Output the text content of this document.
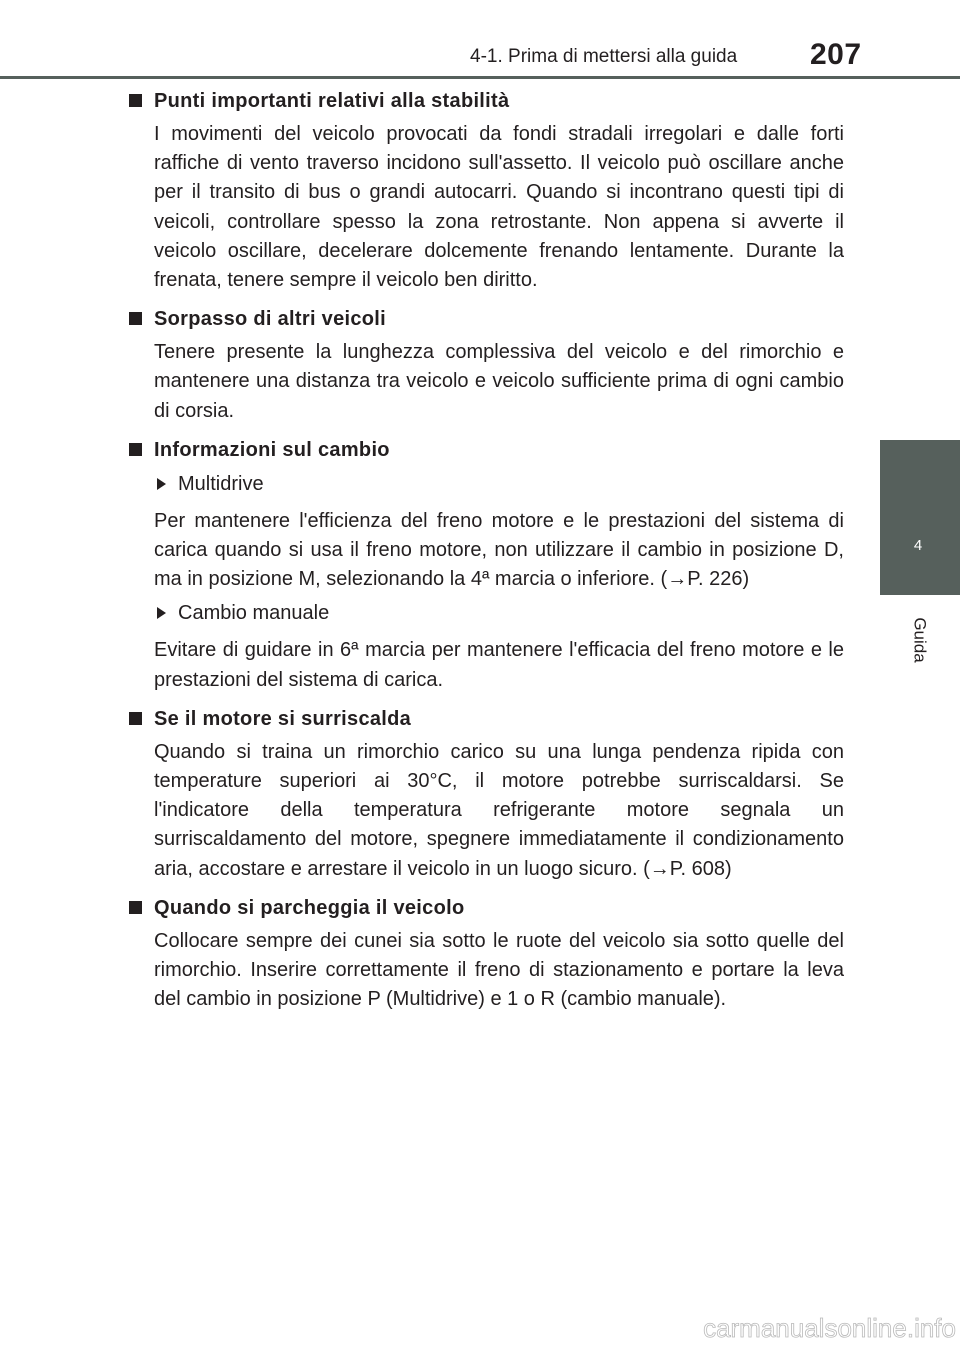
4-1. Prima di mettersi alla guida	207
4
Guida
Punti importanti relativi alla stabilità
I movimenti del veicolo provocati da fondi stradali irregolari e dalle forti raffiche di vento traverso incidono sull'assetto. Il veicolo può oscillare anche per il transito di bus o grandi autocarri. Quando si incontrano questi tipi di veicoli, controllare spesso la zona retrostante. Non appena si avverte il veicolo oscillare, decelerare dolcemente frenando lentamente. Durante la frenata, tenere sempre il veicolo ben diritto.
Sorpasso di altri veicoli
Tenere presente la lunghezza complessiva del veicolo e del rimorchio e mantenere una distanza tra veicolo e veicolo sufficiente prima di ogni cambio di corsia.
Informazioni sul cambio
Multidrive
Per mantenere l'efficienza del freno motore e le prestazioni del sistema di carica quando si usa il freno motore, non utilizzare il cambio in posizione D, ma in posizione M, selezionando la 4ª marcia o inferiore. (→P. 226)
Cambio manuale
Evitare di guidare in 6ª marcia per mantenere l'efficacia del freno motore e le prestazioni del sistema di carica.
Se il motore si surriscalda
Quando si traina un rimorchio carico su una lunga pendenza ripida con temperature superiori ai 30°C, il motore potrebbe surriscaldarsi. Se l'indicatore della temperatura refrigerante motore segnala un surriscaldamento del motore, spegnere immediatamente il condizionamento aria, accostare e arrestare il veicolo in un luogo sicuro. (→P. 608)
Quando si parcheggia il veicolo
Collocare sempre dei cunei sia sotto le ruote del veicolo sia sotto quelle del rimorchio. Inserire correttamente il freno di stazionamento e portare la leva del cambio in posizione P (Multidrive) e 1 o R (cambio manuale).
carmanualsonline.info
